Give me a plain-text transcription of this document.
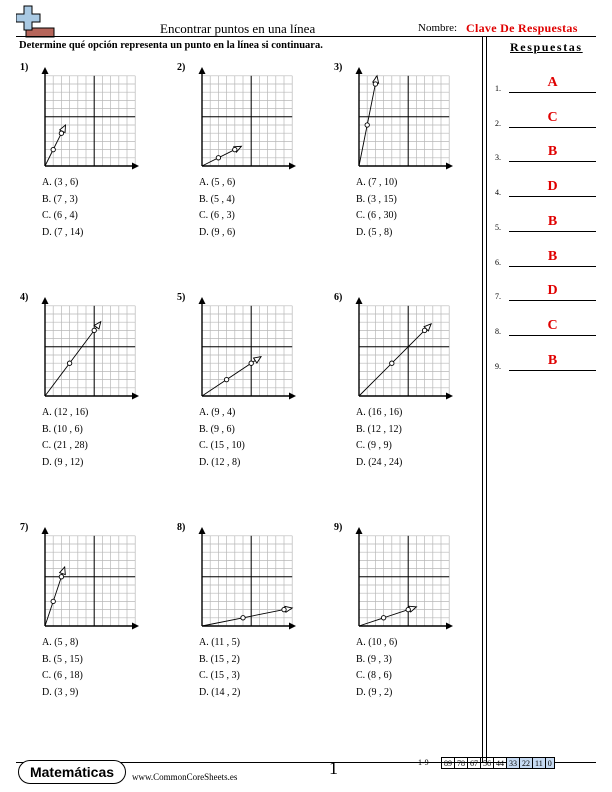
Encontrar puntos en una línea	Nombre: Clave De Respuestas
Determine qué opción representa un punto en la línea si continuara.	Respuestas
1.	A
2.	C
3.	B
4.	D
5.	B
6.	B
7.	D
8.	C
9.	B
1)
A. (3 , 6)
B. (7 , 3)
C. (6 , 4)
D. (7 , 14)
2)
A. (5 , 6)
B. (5 , 4)
C. (6 , 3)
D. (9 , 6)
3)
A. (7 , 10)
B. (3 , 15)
C. (6 , 30)
D. (5 , 8)
4)
A. (12 , 16)
B. (10 , 6)
C. (21 , 28)
D. (9 , 12)
5)
A. (9 , 4)
B. (9 , 6)
C. (15 , 10)
D. (12 , 8)
6)
A. (16 , 16)
B. (12 , 12)
C. (9 , 9)
D. (24 , 24)
7)
A. (5 , 8)
B. (5 , 15)
C. (6 , 18)
D. (3 , 9)
8)
A. (11 , 5)
B. (15 , 2)
C. (15 , 3)
D. (14 , 2)
9)
A. (10 , 6)
B. (9 , 3)
C. (8 , 6)
D. (9 , 2)
Matemáticas	www.CommonCoreSheets.es	1	1-9 89	78	67	56	44	33	22	11	0
